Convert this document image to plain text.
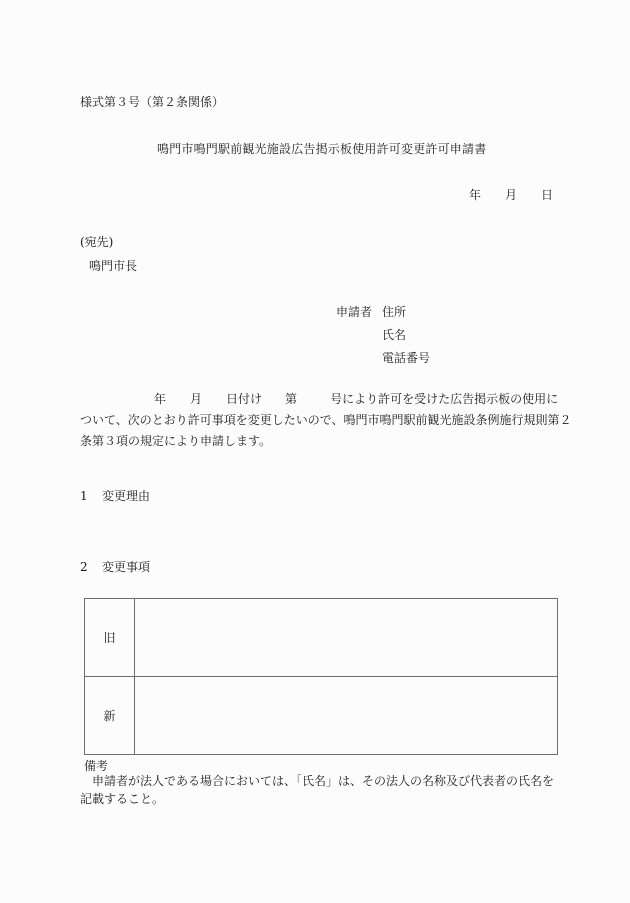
様式第３号（第２条関係）
鳴門市鳴門駅前観光施設広告掲示板使用許可変更許可申請書
年 月 日
(宛先)
鳴門市長
申請者 住所
氏名
電話番号
年 月 日付け 第	号により許可を受けた広告掲示板の使用に
ついて、次のとおり許可事項を変更したいので、鳴門市鳴門駅前観光施設条例施行規則第２
条第３項の規定により申請します。
1 変更理由
2 変更事項
旧	
新	
備考
申請者が法人である場合においては、「氏名」は、その法人の名称及び代表者の氏名を
記載すること。
